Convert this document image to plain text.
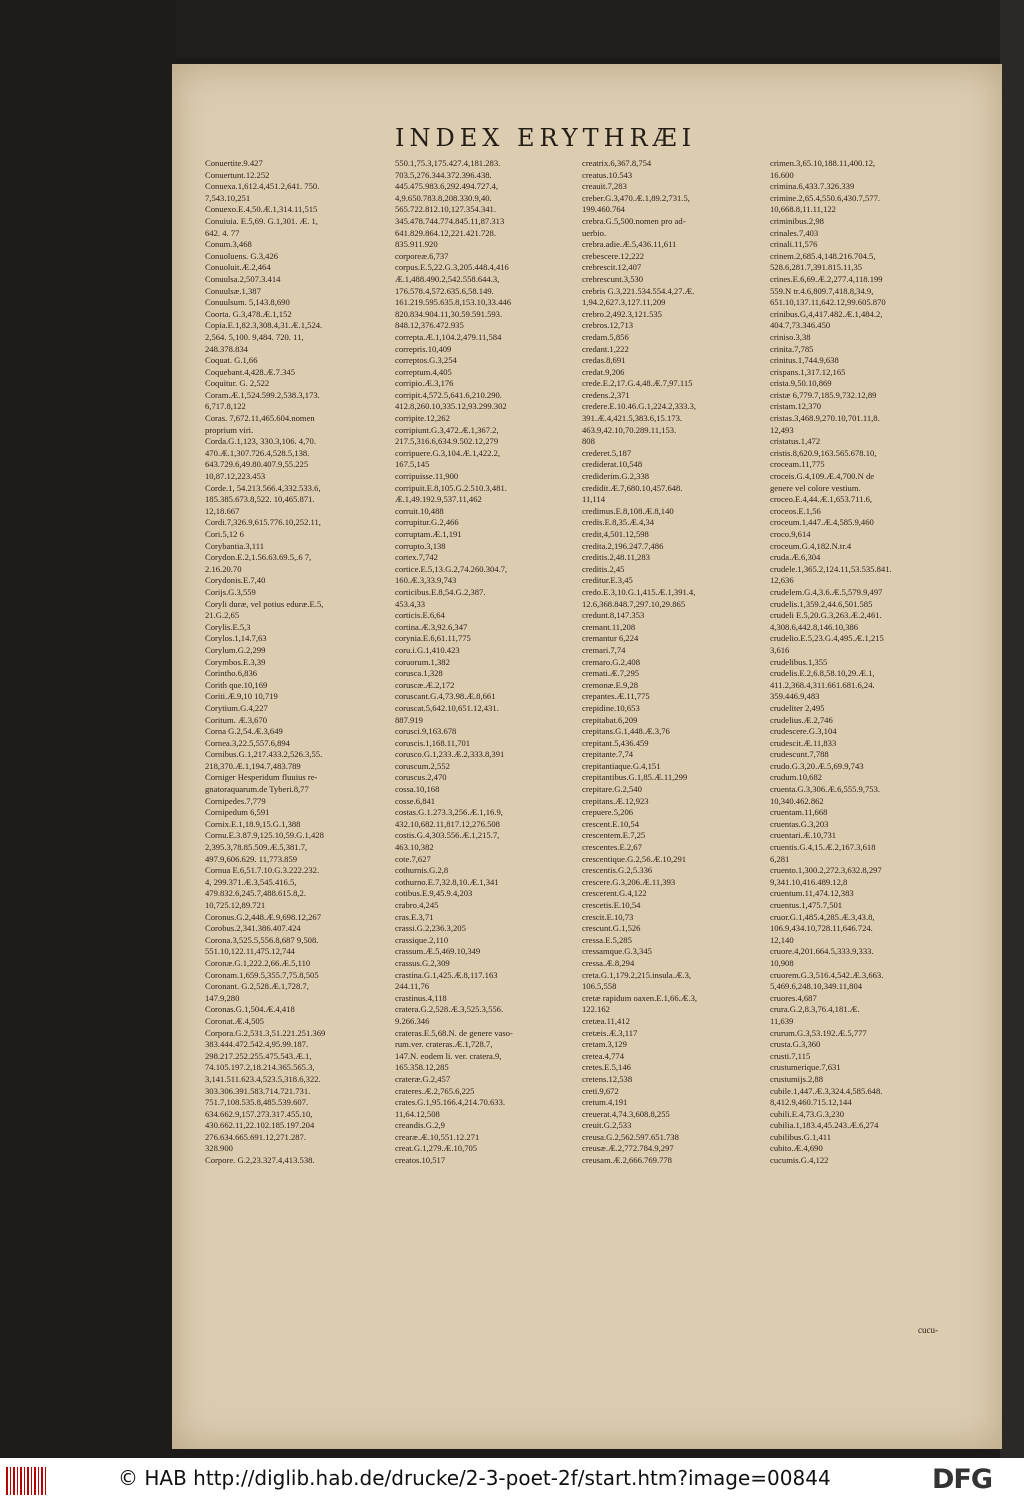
INDEX ERYTHRÆI
Conuertite.9.427
Conuertunt.12.252
Conuexa.1,612.4,451.2,641. 750.
7,543.10,251
Conuexo.E.4,50.Æ.1,314.11,515
Conuiuia. E.5,69. G.1,301. Æ. 1,
642. 4. 77
Conum.3,468
Conuoluens. G.3,426
Conuoluit.Æ.2,464
Conuulsa.2,507.3.414
Conuulsæ.1,387
Conuulsum. 5,143.8,690
Coorta. G.3,478.Æ.1,152
Copia.E.1,82.3,308.4,31.Æ.1,524.
2,564. 5,100. 9,484. 720. 11,
248.378.834
Coquat. G.1,66
Coquebant.4,428.Æ.7.345
Coquitur. G. 2,522
Coram.Æ.1,524.599.2,538.3,173.
6,717.8,122
Coras. 7,672.11,465.604.nomen
proprium viri.
Corda.G.1,123, 330.3,106. 4,70.
470.Æ.1,307.726.4,528.5,138.
643.729.6,49.80.407.9,55.225
10,87.12,223.453
Corde.1, 54.213.566.4,332.533.6,
185.385.673.8,522. 10,465.871.
12,18.667
Cordi.7,326.9,615.776.10,252.11,
Cori.5,12 6
Corybantia.3,111
Corydon.E.2,1.56.63.69.5,.6 7,
2.16.20.70
Corydonis.E.7,40
Corijs.G.3,559
Coryli duræ, vel potius eduræ.E.5,
21.G.2,65
Corylis.E.5,3
Corylos.1,14.7,63
Corylum.G.2,299
Corymbos.E.3,39
Corintho.6,836
Corith que.10,169
Coriti.Æ.9,10 10,719
Corytium.G.4,227
Coritum. Æ.3,670
Corna G.2,54.Æ.3,649
Cornea.3,22.5,557.6,894
Cornibus.G.1,217.433.2,526.3,55.
218,370.Æ.1,194.7,483.789
Corniger Hesperidum fluuius re-
gnatoraquarum.de Tyberi.8,77
Cornipedes.7,779
Cornipedum 6,591
Cornix.E.1,18.9,15.G.1,388
Cornu.E.3.87.9,125.10,59.G.1,428
2,395.3,78.85.509.Æ.5,381.7,
497.9,606.629. 11,773.859
Cornua E.6,51.7.10.G.3.222.232.
4, 299.371.Æ.3,545.416.5,
479.832.6,245.7,488.615.8,2.
10,725.12,89.721
Coronus.G.2,448.Æ.9,698.12,267
Corobus.2,341.386.407.424
Corona.3,525.5,556.8,687 9,508.
551.10,122.11,475.12,744
Coronæ.G.1,222.2,66.Æ.5,110
Coronam.1,659.5,355.7,75.8,505
Coronant. G.2,528.Æ.1,728.7,
147.9,280
Coronas.G.1,504.Æ.4,418
Coronat.Æ.4,505
Corpora.G.2,531.3,51.221.251.369
383.444.472.542.4,95.99.187.
298.217.252.255.475.543.Æ.1,
74.105.197.2,18.214.365.565.3,
3,141.511.623.4,523.5,318.6,322.
303.306.391.583.714.721.731.
751.7,108.535.8,485.539.607.
634.662.9,157.273.317.455.10,
430.662.11,22.102.185.197.204
276.634.665.691.12,271.287.
328.900
Corpore. G.2,23.327.4,413.538.
550.1,75.3,175.427.4,181.283.
703.5,276.344.372.396.438.
445.475.983.6,292.494.727.4,
4,9.650.783.8,208.330.9,40.
565.722.812.10,127.354.341.
345.478.744.774.845.11,87.313
641.829.864.12,221.421.728.
835.911.920
corporeæ.6,737
corpus.E.5,22.G.3,205.448.4,416
Æ.1,488.490.2,542.558.644.3,
176.578.4,572.635.6,58.149.
161.219.595.635.8,153.10,33.446
820.834.904.11,30.59.591.593.
848.12,376.472.935
correpta.Æ.1,104.2,479.11,584
correpris.10,409
correptos.G.3,254
correptum.4,405
corripio.Æ.3,176
corripit.4,572.5,641.6,210.290.
412.8,260.10,335.12,93.299.302
corripite.12,262
corripiunt.G.3,472.Æ.1,367.2,
217.5,316.6,634.9.502.12,279
corripuere.G.3,104.Æ.1,422.2,
167.5,145
corripuisse.11,900
corripuit.E.8,105.G.2.510.3,481.
Æ.1,49.192.9,537.11,462
corruit.10,488
corrupitur.G.2,466
corruptam.Æ.1,191
corrupto.3,138
cortex.7,742
cortice.E.5,13.G.2,74.260.304.7,
160.Æ.3,33.9,743
corticibus.E.8,54.G.2,387.
453.4,33
corticis.E.6,64
cortina.Æ.3,92.6,347
corynia.E.6,61.11,775
coru.i.G.1,410.423
coruorum.1,382
corusca.1,328
coruscæ.Æ.2,172
coruscant.G.4,73.98.Æ.8,661
coruscat.5,642.10,651.12,431.
887.919
corusci.9,163.678
coruscis.1,168.11,701
corusco.G.1,233.Æ.2,333.8,391
coruscum.2,552
coruscus.2,470
cossa.10,168
cosse.6,841
costas.G.1.273.3,256.Æ.1,16.9,
432.10,682.11,817.12,276.508
costis.G.4,303.556.Æ.1,215.7,
463.10,382
cote.7,627
cothurnis.G.2,8
cothurno.E.7,32.8,10.Æ.1,341
cotibus.E.9,45.9.4,203
crabro.4,245
cras.E.3,71
crassi.G.2,236.3,205
crassique.2,110
crassum.Æ.5,469.10,349
crassus.G.2,309
crastina.G.1,425.Æ.8,117.163
244.11,76
crastinus.4,118
cratera.G.2,528.Æ.3,525.3,556.
9.266.346
crateras.E.5,68.N. de genere vaso-
rum.ver. crateras.Æ.1,728.7,
147.N. eodem li. ver. cratera.9,
165.358.12,285
crateræ.G.2,457
crateres.Æ.2,765.6,225
crates.G.1,95.166.4,214.70.633.
11,64.12,508
creandis.G.2,9
crearæ.Æ.10,551.12.271
creat.G.1,279.Æ.10,705
creatos.10,517
creatrix.6,367.8,754
creatus.10.543
creauit.7,283
creber.G.3,470.Æ.1,89.2,731.5,
199.460.764
crebra.G.5,500.nomen pro ad-
uerbio.
crebra.adie.Æ.5,436.11,611
crebescere.12,222
crebrescit.12,407
crebrescunt.3,530
crebris G.3,221.534.554.4,27.Æ.
1,94.2,627.3,127.11,209
crebro.2,492.3,121.535
crebros.12,713
credam.5,856
credant.1,222
credas.8,691
credat.9,206
crede.E.2,17.G.4,48.Æ.7,97.115
credens.2,371
credere.E.10.46.G.1,224.2,333.3,
391.Æ.4,421.5,383.6,15.173.
463.9,42.10,70.289.11,153.
808
crederet.5,187
crediderat.10,548
crediderim.G.2,338
credidit.Æ.7,680.10,457.648.
11,114
credimus.E.8,108.Æ.8,140
credis.E.8,35.Æ.4,34
credit,4,501.12,598
credita.2,196.247.7,486
creditis.2,48.11,283
creditis.2,45
creditur.E.3,45
credo.E.3,10.G.1,415.Æ.1,391.4,
12.6,368.848.7,297.10,29.865
credunt.8,147.353
cremant.11,208
cremantur 6,224
cremari.7,74
cremaro.G.2,408
cremati.Æ.7,295
cremonæ.E.9,28
crepantes.Æ.11,775
crepidine.10,653
crepitabat.6,209
crepitans.G.1,448.Æ.3,76
crepitant.5,436.459
crepitante.7,74
crepitantiaque.G.4,151
crepitantibus.G.1,85.Æ.11,299
crepitare.G.2,540
crepitans.Æ.12,923
crepuere.5,206
crescent.E.10,54
crescentem.E.7,25
crescentes.E.2,67
crescentique.G.2,56.Æ.10,291
crescentis.G.2,5.336
crescere.G.3,206.Æ.11,393
crescerent.G.4,122
crescetis.E.10,54
crescit.E.10,73
crescunt.G.1,526
cressa.E.5,285
cressamque.G.3,345
cressa.Æ.8,294
creta.G.1,179.2,215.insula.Æ.3,
106.5,558
cretæ rapidum oaxen.E.1,66.Æ.3,
122.162
cretæa.11,412
cretæis.Æ.3,117
cretam.3,129
cretea.4,774
cretes.E.5,146
cretens.12,538
creti.9,672
cretum.4,191
creuerat.4,74.3,608.8,255
creuit.G.2,533
creusa.G.2,562.597.651.738
creusæ.Æ.2,772.784.9,297
creusam.Æ.2,666.769.778
crimen.3,65.10,188.11,400.12,
16.600
crimina.6,433.7.326.339
crimine.2,65.4,550.6,430.7,577.
10,668.8,11.11,122
criminibus.2,98
crinales.7,403
crinali.11,576
crinem.2,685.4,148.216.704.5,
528.6,281.7,391.815.11,35
crines.E.6,69.Æ.2,277.4,118.199
559.N tr.4.6,809.7,418.8,34.9,
651.10,137.11,642.12,99.605.870
crinibus.G,4,417.482.Æ.1,484.2,
404.7,73.346.450
criniso.3,38
crinita.7,785
crinitus.1,744.9,638
crispans.1,317.12,165
crista.9,50.10,869
cristæ 6,779.7,185.9,732.12,89
cristam.12,370
cristas.3,468.9,270.10,701.11,8.
12,493
cristatus.1,472
cristis.8,620.9,163.565.678.10,
croceam.11,775
croceis.G.4,109.Æ.4,700.N de
genere vel colore vestium.
croceo.E.4,44.Æ.1,653.711.6,
croceos.E.1,56
croceum.1,447.Æ.4,585.9,460
croco.9,614
croceum.G.4,182.N.tr.4
cruda.Æ.6,304
crudele.1,365.2,124.11,53.535.841.
12,636
crudelem.G.4,3.6.Æ.5,579.9,497
crudelis.1,359.2,44.6,501.585
crudeli E.5,20.G.3,263.Æ.2,461.
4,308.6,442.8,146.10,386
crudelio.E.5,23.G.4,495.Æ.1,215
3,616
crudelibus.1,355
crudelis.E.2,6.8,58.10,29.Æ.1,
411.2,368.4,311.661.681.6,24.
359.446.9,483
crudeliter 2,495
crudelius.Æ.2,746
crudescere.G.3,104
crudescit.Æ.11,833
crudescunt.7,788
crudo.G.3,20.Æ.5,69.9,743
crudum.10,682
cruenta.G.3,306.Æ.6,555.9,753.
10,340.462.862
cruentam.11,668
cruentas.G.3,203
cruentari.Æ.10,731
cruentis.G.4,15.Æ.2,167.3,618
6,281
cruento.1,300.2,272.3,632.8,297
9,341.10,416.489.12,8
cruentum.11,474.12,383
cruentus.1,475.7,501
cruor.G.1,485.4,285.Æ.3,43.8,
106.9,434.10,728.11,646.724.
12,140
cruore.4,201.664.5,333.9,333.
10,908
cruorem.G.3,516.4,542.Æ.3,663.
5,469.6,248.10,349.11,804
cruores.4,687
crura.G.2,8.3,76.4,181.Æ.
11,639
crurum.G.3,53.192.Æ.5,777
crusta.G.3,360
crusti.7,115
crustumerique.7,631
crustumijs.2,88
cubile.1,447.Æ.3,324.4,585.648.
8,412.9,460.715.12,144
cubili.E.4,73.G.3,230
cubilia.1,183.4,45.243.Æ.6,274
cubilibus.G.1,411
cubito.Æ.4,690
cucumis.G.4,122
cucu-
© HAB http://diglib.hab.de/drucke/2-3-poet-2f/start.htm?image=00844	DFG
